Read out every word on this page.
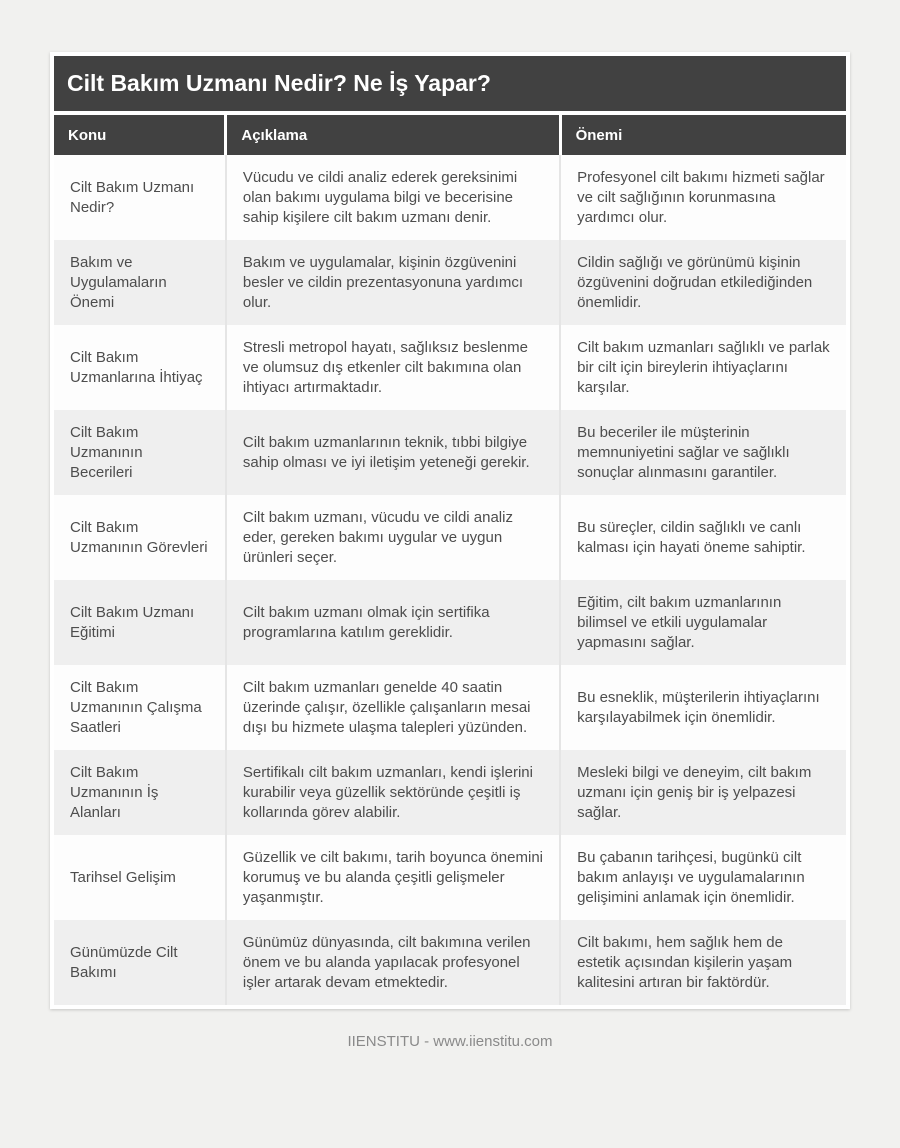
Cilt Bakım Uzmanı Nedir? Ne İş Yapar?
Konu	Açıklama	Önemi
Cilt Bakım Uzmanı Nedir?	Vücudu ve cildi analiz ederek gereksinimi olan bakımı uygulama bilgi ve becerisine sahip kişilere cilt bakım uzmanı denir.	Profesyonel cilt bakımı hizmeti sağlar ve cilt sağlığının korunmasına yardımcı olur.
Bakım ve Uygulamaların Önemi	Bakım ve uygulamalar, kişinin özgüvenini besler ve cildin prezentasyonuna yardımcı olur.	Cildin sağlığı ve görünümü kişinin özgüvenini doğrudan etkilediğinden önemlidir.
Cilt Bakım Uzmanlarına İhtiyaç	Stresli metropol hayatı, sağlıksız beslenme ve olumsuz dış etkenler cilt bakımına olan ihtiyacı artırmaktadır.	Cilt bakım uzmanları sağlıklı ve parlak bir cilt için bireylerin ihtiyaçlarını karşılar.
Cilt Bakım Uzmanının Becerileri	Cilt bakım uzmanlarının teknik, tıbbi bilgiye sahip olması ve iyi iletişim yeteneği gerekir.	Bu beceriler ile müşterinin memnuniyetini sağlar ve sağlıklı sonuçlar alınmasını garantiler.
Cilt Bakım Uzmanının Görevleri	Cilt bakım uzmanı, vücudu ve cildi analiz eder, gereken bakımı uygular ve uygun ürünleri seçer.	Bu süreçler, cildin sağlıklı ve canlı kalması için hayati öneme sahiptir.
Cilt Bakım Uzmanı Eğitimi	Cilt bakım uzmanı olmak için sertifika programlarına katılım gereklidir.	Eğitim, cilt bakım uzmanlarının bilimsel ve etkili uygulamalar yapmasını sağlar.
Cilt Bakım Uzmanının Çalışma Saatleri	Cilt bakım uzmanları genelde 40 saatin üzerinde çalışır, özellikle çalışanların mesai dışı bu hizmete ulaşma talepleri yüzünden.	Bu esneklik, müşterilerin ihtiyaçlarını karşılayabilmek için önemlidir.
Cilt Bakım Uzmanının İş Alanları	Sertifikalı cilt bakım uzmanları, kendi işlerini kurabilir veya güzellik sektöründe çeşitli iş kollarında görev alabilir.	Mesleki bilgi ve deneyim, cilt bakım uzmanı için geniş bir iş yelpazesi sağlar.
Tarihsel Gelişim	Güzellik ve cilt bakımı, tarih boyunca önemini korumuş ve bu alanda çeşitli gelişmeler yaşanmıştır.	Bu çabanın tarihçesi, bugünkü cilt bakım anlayışı ve uygulamalarının gelişimini anlamak için önemlidir.
Günümüzde Cilt Bakımı	Günümüz dünyasında, cilt bakımına verilen önem ve bu alanda yapılacak profesyonel işler artarak devam etmektedir.	Cilt bakımı, hem sağlık hem de estetik açısından kişilerin yaşam kalitesini artıran bir faktördür.
IIENSTITU - www.iienstitu.com
